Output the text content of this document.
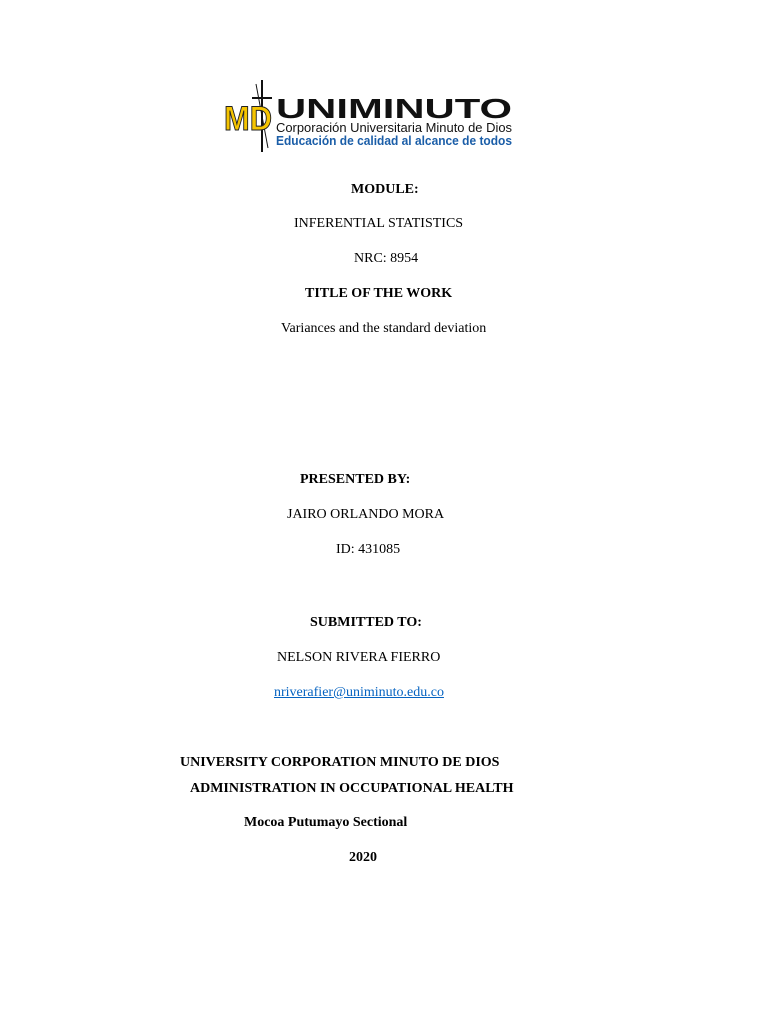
MD UNIMINUTO
Corporación Universitaria Minuto de Dios
Educación de calidad al alcance de todos
MODULE:
INFERENTIAL STATISTICS
NRC: 8954
TITLE OF THE WORK
Variances and the standard deviation
PRESENTED BY:
JAIRO ORLANDO MORA
ID: 431085
SUBMITTED TO:
NELSON RIVERA FIERRO
nriverafier@uniminuto.edu.co
UNIVERSITY CORPORATION MINUTO DE DIOS
ADMINISTRATION IN OCCUPATIONAL HEALTH
Mocoa Putumayo Sectional
2020
